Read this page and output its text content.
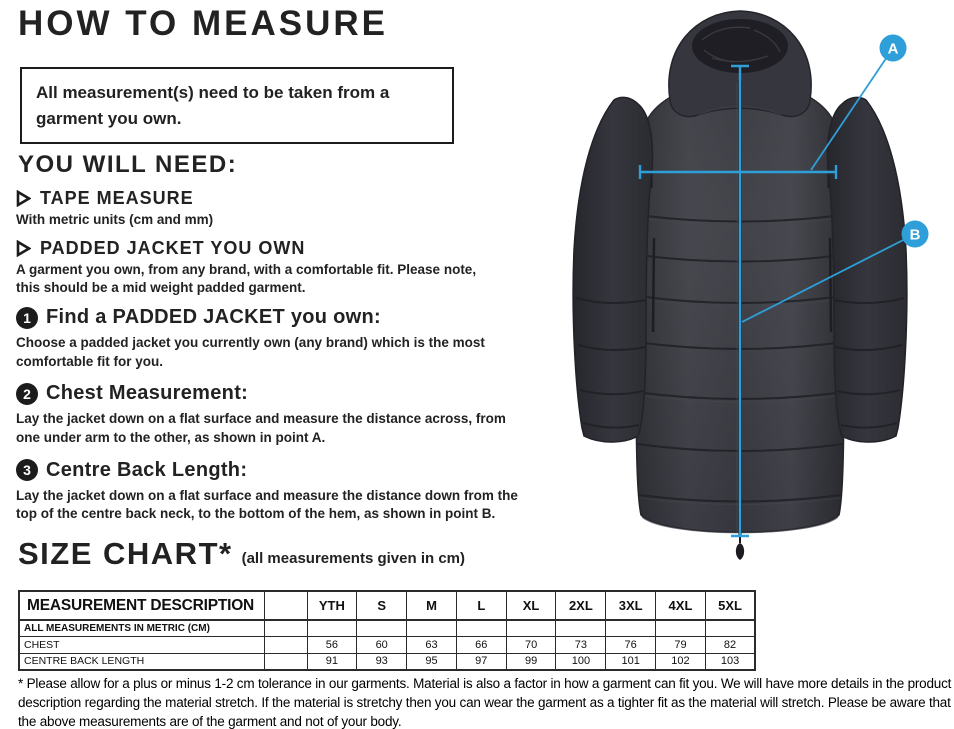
HOW TO MEASURE

All measurement(s) need to be taken from a garment you own.

YOU WILL NEED:
TAPE MEASURE
With metric units (cm and mm)
PADDED JACKET YOU OWN
A garment you own, from any brand, with a comfortable fit. Please note, this should be a mid weight padded garment.
1 Find a PADDED JACKET you own:
Choose a padded jacket you currently own (any brand) which is the most comfortable fit for you.
2 Chest Measurement:
Lay the jacket down on a flat surface and measure the distance across, from one under arm to the other, as shown in point A.
3 Centre Back Length:
Lay the jacket down on a flat surface and measure the distance down from the top of the centre back neck, to the bottom of the hem, as shown in point B.
SIZE CHART* (all measurements given in cm)
MEASUREMENT DESCRIPTION		YTH	S	M	L	XL	2XL	3XL	4XL	5XL
ALL MEASUREMENTS IN METRIC (CM)										
CHEST		56	60	63	66	70	73	76	79	82
CENTRE BACK LENGTH		91	93	95	97	99	100	101	102	103

* Please allow for a plus or minus 1-2 cm tolerance in our garments. Material is also a factor in how a garment can fit you. We will have more details in the product description regarding the material stretch. If the material is stretchy then you can wear the garment as a tighter fit as the material will stretch. Please be aware that the above measurements are of the garment and not of your body.

A
B
